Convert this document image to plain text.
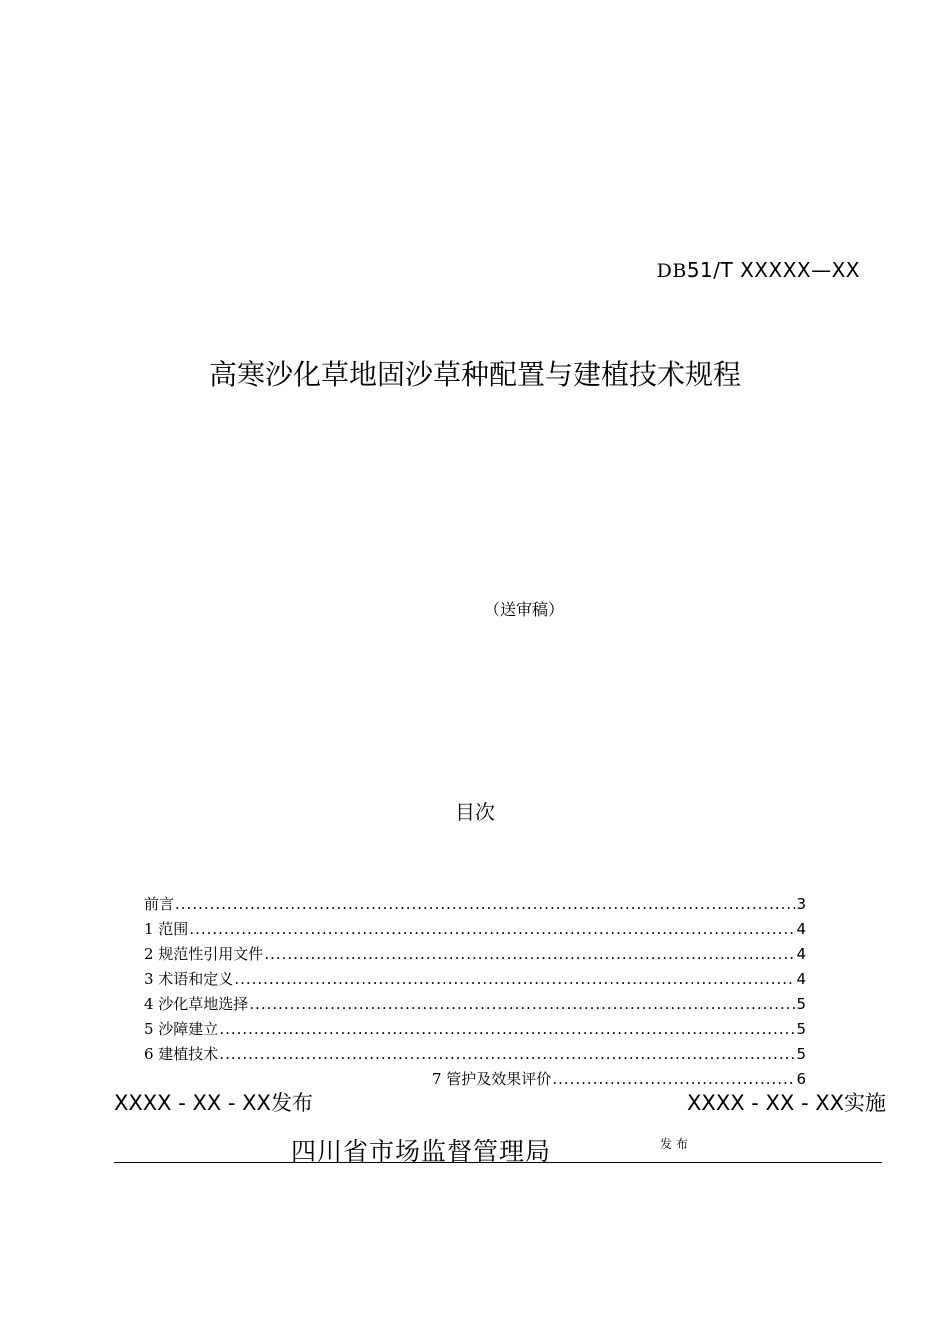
DB51/T XXXXX—XX
高寒沙化草地固沙草种配置与建植技术规程
（送审稿）
目次
前言 .....	3
1 范围 .....	4
2 规范性引用文件 .....	4
3 术语和定义 .....	4
4 沙化草地选择 .....	5
5 沙障建立 .....	5
6 建植技术 .....	5
7 管护及效果评价 .....	6
XXXX - XX - XX发布	XXXX - XX - XX实施
四川省市场监督管理局	发布
